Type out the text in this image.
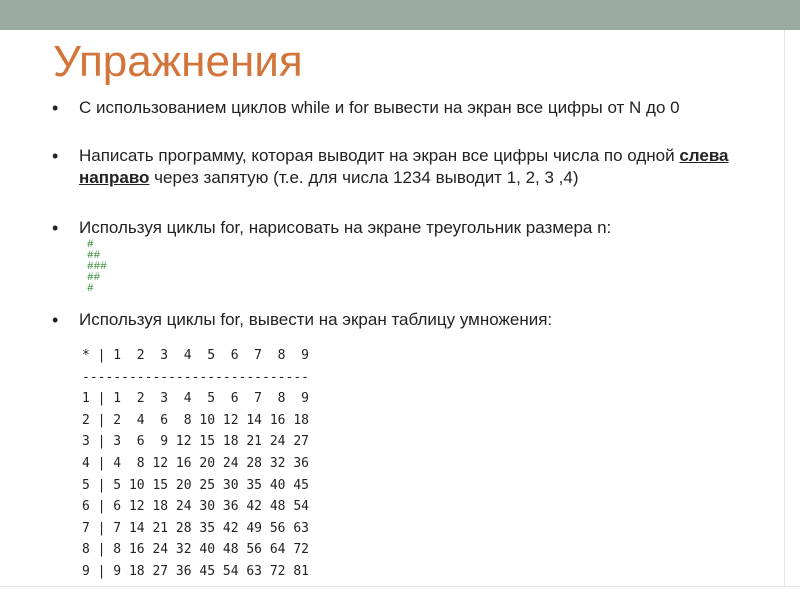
Упражнения
•	С использованием циклов while и for вывести на экран все цифры от N до 0
•	Написать программу, которая выводит на экран все цифры числа по одной слева направо через запятую (т.е. для числа 1234 выводит 1, 2, 3 ,4)
•	Используя циклы for, нарисовать на экране треугольник размера n:
•	Используя циклы for, вывести на экран таблицу умножения:
#
##
###
##
#
* | 1  2  3  4  5  6  7  8  9
-----------------------------
1 | 1  2  3  4  5  6  7  8  9
2 | 2  4  6  8 10 12 14 16 18
3 | 3  6  9 12 15 18 21 24 27
4 | 4  8 12 16 20 24 28 32 36
5 | 5 10 15 20 25 30 35 40 45
6 | 6 12 18 24 30 36 42 48 54
7 | 7 14 21 28 35 42 49 56 63
8 | 8 16 24 32 40 48 56 64 72
9 | 9 18 27 36 45 54 63 72 81
